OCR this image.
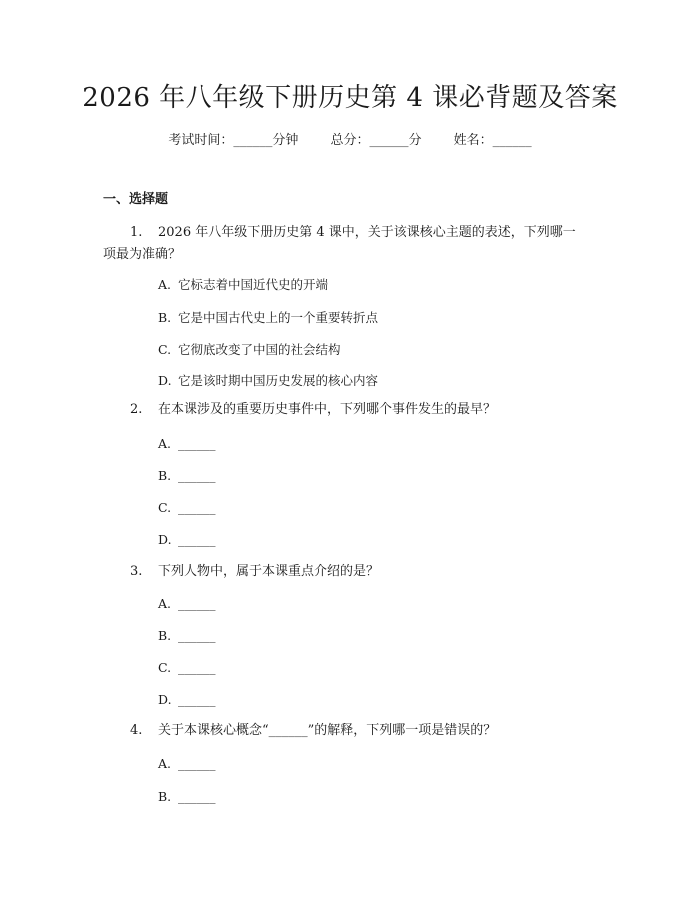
2026 年八年级下册历史第 4 课必背题及答案
考试时间：______分钟 总分：______分 姓名：______
一、选择题
1. 2026 年八年级下册历史第 4 课中，关于该课核心主题的表述，下列哪一
项最为准确？
A. 它标志着中国近代史的开端
B. 它是中国古代史上的一个重要转折点
C. 它彻底改变了中国的社会结构
D. 它是该时期中国历史发展的核心内容
2. 在本课涉及的重要历史事件中，下列哪个事件发生的最早？
A. ______
B. ______
C. ______
D. ______
3. 下列人物中，属于本课重点介绍的是？
A. ______
B. ______
C. ______
D. ______
4. 关于本课核心概念“______”的解释，下列哪一项是错误的？
A. ______
B. ______
